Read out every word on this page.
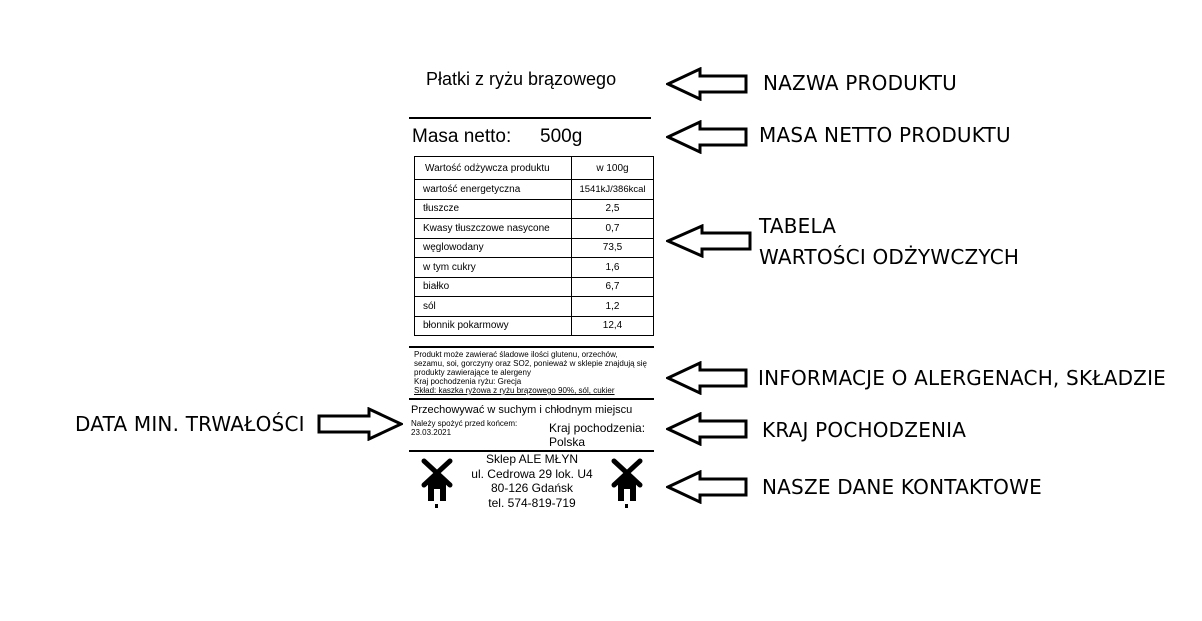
Płatki z ryżu brązowego
Masa netto: 500g
Wartość odżywcza produktu	w 100g
wartość energetyczna	1541kJ/386kcal
tłuszcze	2,5
Kwasy tłuszczowe nasycone	0,7
węglowodany	73,5
w tym cukry	1,6
białko	6,7
sól	1,2
błonnik pokarmowy	12,4
Produkt może zawierać śladowe ilości glutenu, orzechów,
sezamu, soi, gorczyny oraz SO2, ponieważ w sklepie znajdują się
produkty zawierające te alergeny
Kraj pochodzenia ryżu: Grecja
Skład: kaszka ryżowa z ryżu brązowego 90%, sól, cukier
Przechowywać w suchym i chłodnym miejscu
Należy spożyć przed końcem:
23.03.2021	Kraj pochodzenia:
Polska
Sklep ALE MŁYN
ul. Cedrowa 29 lok. U4
80-126 Gdańsk
tel. 574-819-719
NAZWA PRODUKTU
MASA NETTO PRODUKTU
TABELA
WARTOŚCI ODŻYWCZYCH
INFORMACJE O ALERGENACH, SKŁADZIE
DATA MIN. TRWAŁOŚCI	KRAJ POCHODZENIA
NASZE DANE KONTAKTOWE
